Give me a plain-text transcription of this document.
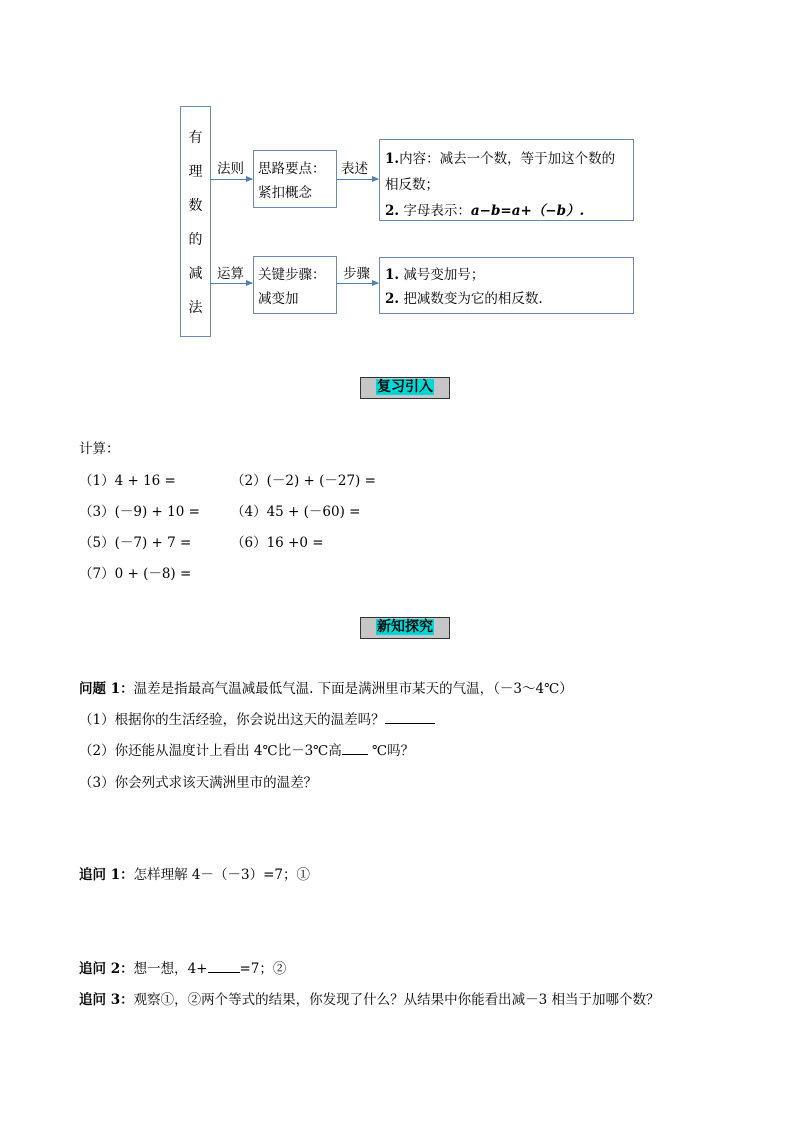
有
理
数
的
减
法
法则
运算
思路要点：
紧扣概念
关键步骤：
减变加
表述
步骤
1.内容：减去一个数，等于加这个数的
相反数；
2. 字母表示：a−b=a+（−b）.
1. 减号变加号；
2. 把减数变为它的相反数.
复习引入
计算：
（1）4 + 16 =	（2）(－2) + (－27) =
（3）(－9) + 10 = （4）45 + (－60) =
（5）(－7) + 7 =	（6）16 +0 =
（7）0 + (－8) =
新知探究
问题 1：温差是指最高气温减最低气温. 下面是满洲里市某天的气温，（－3～4℃）
（1）根据你的生活经验，你会说出这天的温差吗？
（2）你还能从温度计上看出 4℃比－3℃高 ℃吗？
（3）你会列式求该天满洲里市的温差？
追问 1：怎样理解 4－（－3）=7；①
追问 2：想一想，4+ =7；②
追问 3：观察①，②两个等式的结果，你发现了什么？从结果中你能看出减－3 相当于加哪个数？
